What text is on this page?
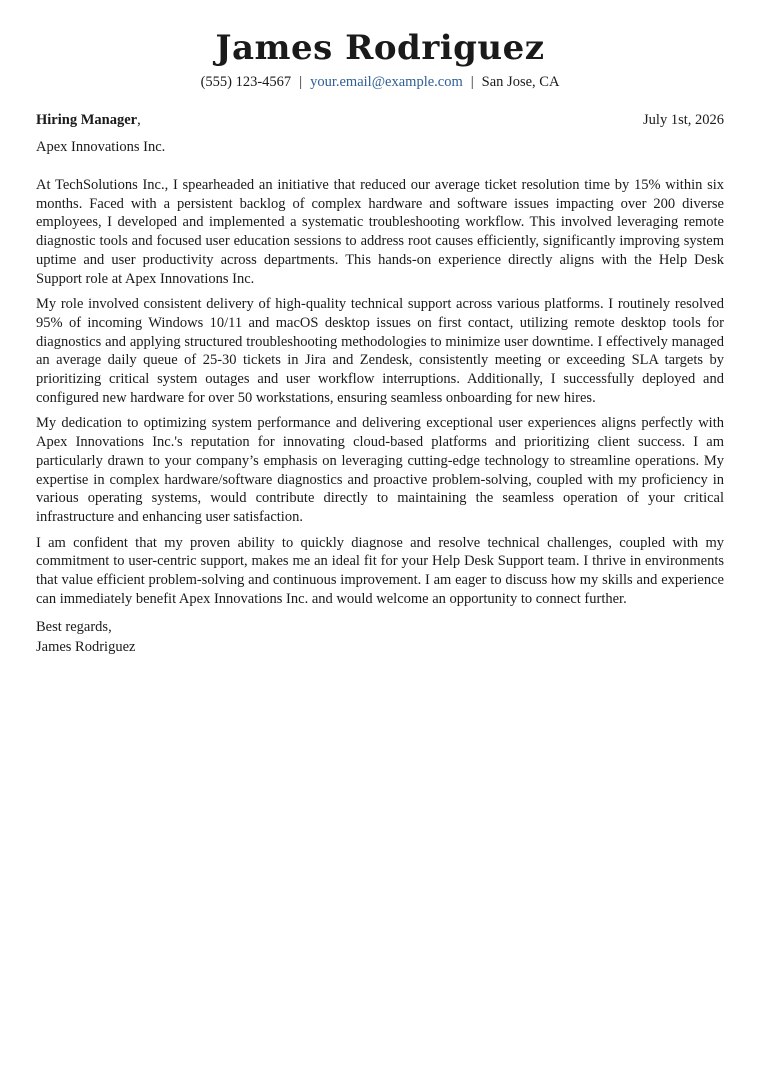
James Rodriguez
(555) 123-4567 | your.email@example.com | San Jose, CA
Hiring Manager,	July 1st, 2026
Apex Innovations Inc.

At TechSolutions Inc., I spearheaded an initiative that reduced our average ticket resolution time by 15% within six months. Faced with a persistent backlog of complex hardware and software issues impacting over 200 diverse employees, I developed and implemented a systematic troubleshooting workflow. This involved leveraging remote diagnostic tools and focused user education sessions to address root causes efficiently, significantly improving system uptime and user productivity across departments. This hands-on experience directly aligns with the Help Desk Support role at Apex Innovations Inc.

My role involved consistent delivery of high-quality technical support across various platforms. I routinely resolved 95% of incoming Windows 10/11 and macOS desktop issues on first contact, utilizing remote desktop tools for diagnostics and applying structured troubleshooting methodologies to minimize user downtime. I effectively managed an average daily queue of 25-30 tickets in Jira and Zendesk, consistently meeting or exceeding SLA targets by prioritizing critical system outages and user workflow interruptions. Additionally, I successfully deployed and configured new hardware for over 50 workstations, ensuring seamless onboarding for new hires.

My dedication to optimizing system performance and delivering exceptional user experiences aligns perfectly with Apex Innovations Inc.'s reputation for innovating cloud-based platforms and prioritizing client success. I am particularly drawn to your company’s emphasis on leveraging cutting-edge technology to streamline operations. My expertise in complex hardware/software diagnostics and proactive problem-solving, coupled with my proficiency in various operating systems, would contribute directly to maintaining the seamless operation of your critical infrastructure and enhancing user satisfaction.

I am confident that my proven ability to quickly diagnose and resolve technical challenges, coupled with my commitment to user-centric support, makes me an ideal fit for your Help Desk Support team. I thrive in environments that value efficient problem-solving and continuous improvement. I am eager to discuss how my skills and experience can immediately benefit Apex Innovations Inc. and would welcome an opportunity to connect further.

Best regards,
James Rodriguez
